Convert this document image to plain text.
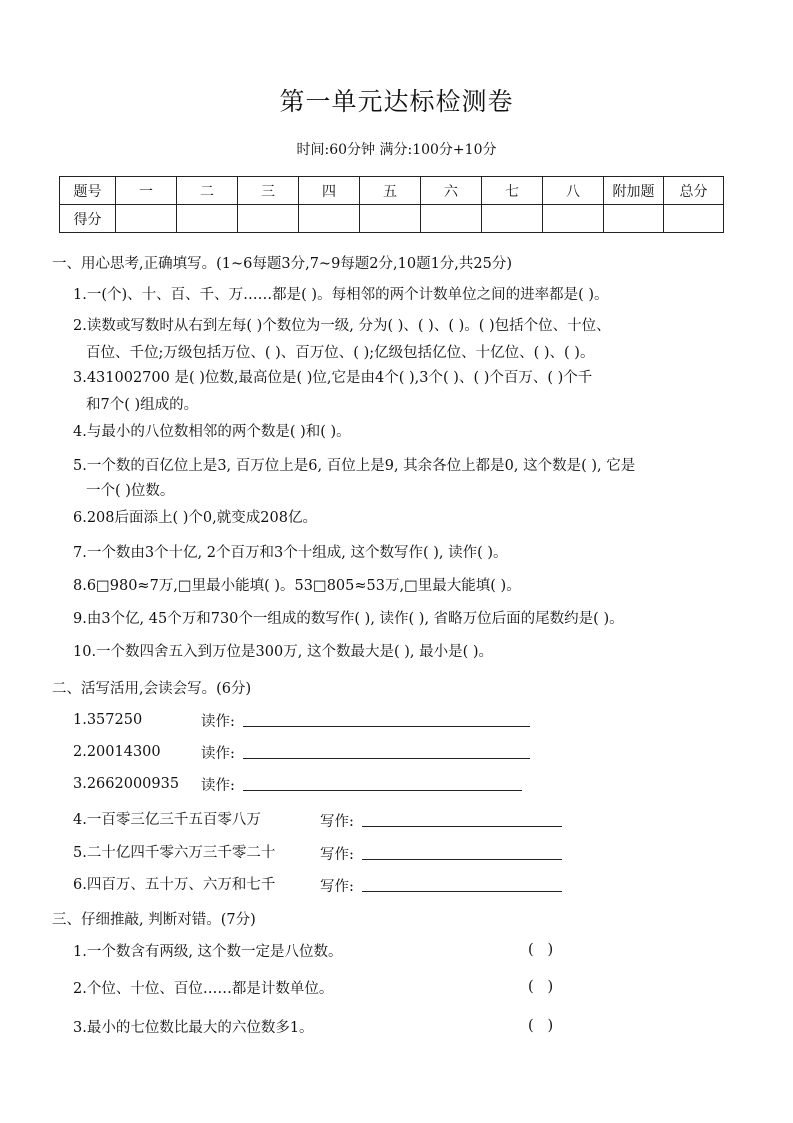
第一单元达标检测卷
时间:60分钟 满分:100分+10分
题号	一	二	三	四	五	六	七	八	附加题	总分
得分										
一、用心思考,正确填写。(1~6每题3分,7~9每题2分,10题1分,共25分)
1.一(个)、十、百、千、万……都是( )。每相邻的两个计数单位之间的进率都是( )。
2.读数或写数时从右到左每( )个数位为一级, 分为( )、( )、( )。( )包括个位、十位、
百位、千位;万级包括万位、( )、百万位、( );亿级包括亿位、十亿位、( )、( )。
3.431002700 是( )位数,最高位是( )位,它是由4个( ),3个( )、( )个百万、( )个千
和7个( )组成的。
4.与最小的八位数相邻的两个数是( )和( )。
5.一个数的百亿位上是3, 百万位上是6, 百位上是9, 其余各位上都是0, 这个数是( ), 它是
一个( )位数。
6.208后面添上( )个0,就变成208亿。
7.一个数由3个十亿, 2个百万和3个十组成, 这个数写作( ), 读作( )。
8.6□980≈7万,□里最小能填( )。53□805≈53万,□里最大能填( )。
9.由3个亿, 45个万和730个一组成的数写作( ), 读作( ), 省略万位后面的尾数约是( )。
10.一个数四舍五入到万位是300万, 这个数最大是( ), 最小是( )。
二、活写活用,会读会写。(6分)
1.357250	读作:
2.20014300	读作:
3.2662000935 读作:
4.一百零三亿三千五百零八万	写作:
5.二十亿四千零六万三千零二十	写作:
6.四百万、五十万、六万和七千	写作:
三、仔细推敲, 判断对错。(7分)
1.一个数含有两级, 这个数一定是八位数。	(   )
2.个位、十位、百位……都是计数单位。	(   )
3.最小的七位数比最大的六位数多1。	(   )
